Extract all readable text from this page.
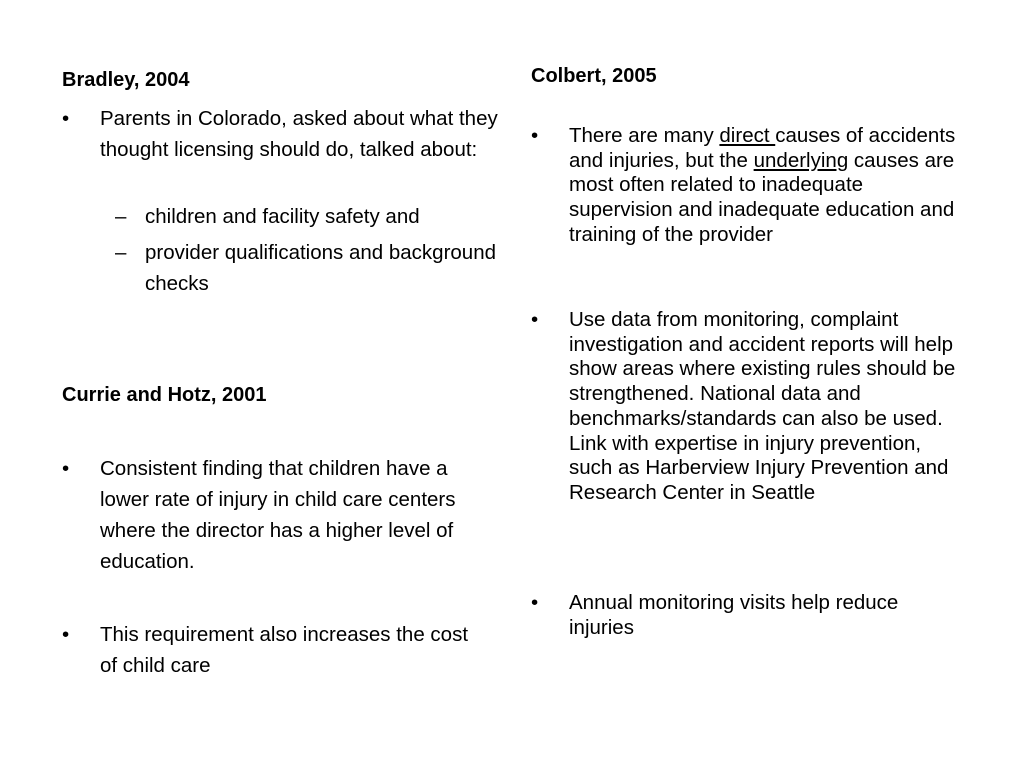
Bradley, 2004
•	Parents in Colorado, asked about what they thought licensing should do, talked about:
– children and facility safety and
– provider qualifications and background checks
Currie and Hotz, 2001
•	Consistent finding that children have a lower rate of injury in child care centers where the director has a higher level of education.
•	This requirement also increases the cost of child care
Colbert, 2005
•	There are many direct causes of accidents and injuries, but the underlying causes are most often related to inadequate supervision and inadequate education and training of the provider
•	Use data from monitoring, complaint investigation and accident reports will help show areas where existing rules should be strengthened. National data and benchmarks/standards can also be used. Link with expertise in injury prevention, such as Harberview Injury Prevention and Research Center in Seattle
•	Annual monitoring visits help reduce injuries
